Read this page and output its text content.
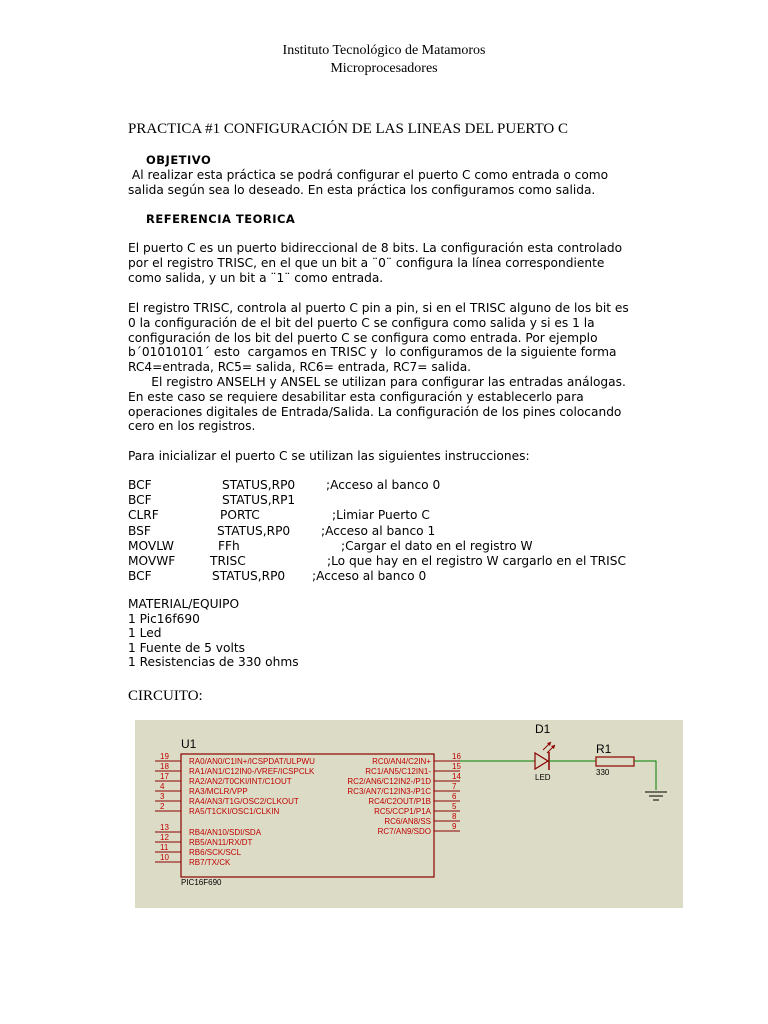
Instituto Tecnológico de Matamoros
Microprocesadores
PRACTICA #1 CONFIGURACIÓN DE LAS LINEAS DEL PUERTO C
OBJETIVO
Al realizar esta práctica se podrá configurar el puerto C como entrada o como
salida según sea lo deseado. En esta práctica los configuramos como salida.
REFERENCIA TEORICA
El puerto C es un puerto bidireccional de 8 bits. La configuración esta controlado
por el registro TRISC, en el que un bit a ¨0¨ configura la línea correspondiente
como salida, y un bit a ¨1¨ como entrada.
El registro TRISC, controla al puerto C pin a pin, si en el TRISC alguno de los bit es
0 la configuración de el bit del puerto C se configura como salida y si es 1 la
configuración de los bit del puerto C se configura como entrada. Por ejemplo
b´01010101´ esto  cargamos en TRISC y  lo configuramos de la siguiente forma
RC4=entrada, RC5= salida, RC6= entrada, RC7= salida.
El registro ANSELH y ANSEL se utilizan para configurar las entradas análogas.
En este caso se requiere desabilitar esta configuración y establecerlo para
operaciones digitales de Entrada/Salida. La configuración de los pines colocando
cero en los registros.
Para inicializar el puerto C se utilizan las siguientes instrucciones:
BCF	STATUS,RP0	;Acceso al banco 0
BCF	STATUS,RP1
CLRF	PORTC	;Limiar Puerto C
BSF	STATUS,RP0	;Acceso al banco 1
MOVLW	FFh	;Cargar el dato en el registro W
MOVWF	TRISC	;Lo que hay en el registro W cargarlo en el TRISC
BCF	STATUS,RP0 ;Acceso al banco 0
MATERIAL/EQUIPO
1 Pic16f690
1 Led
1 Fuente de 5 volts
1 Resistencias de 330 ohms
CIRCUITO:
U1
PIC16F690
19
RA0/AN0/C1IN+/ICSPDAT/ULPWU
18
RA1/AN1/C12IN0-/VREF/ICSPCLK
17
RA2/AN2/T0CKI/INT/C1OUT
4
RA3/MCLR/VPP
3
RA4/AN3/T1G/OSC2/CLKOUT
2
RA5/T1CKI/OSC1/CLKIN
13
RB4/AN10/SDI/SDA
12
RB5/AN11/RX/DT
11
RB6/SCK/SCL
10
RB7/TX/CK
16
RC0/AN4/C2IN+
15
RC1/AN5/C12IN1-
14
RC2/AN6/C12IN2-/P1D
7
RC3/AN7/C12IN3-/P1C
6
RC4/C2OUT/P1B
5
RC5/CCP1/P1A
8
RC6/AN8/SS
9
RC7/AN9/SDO
D1
LED
R1
330
